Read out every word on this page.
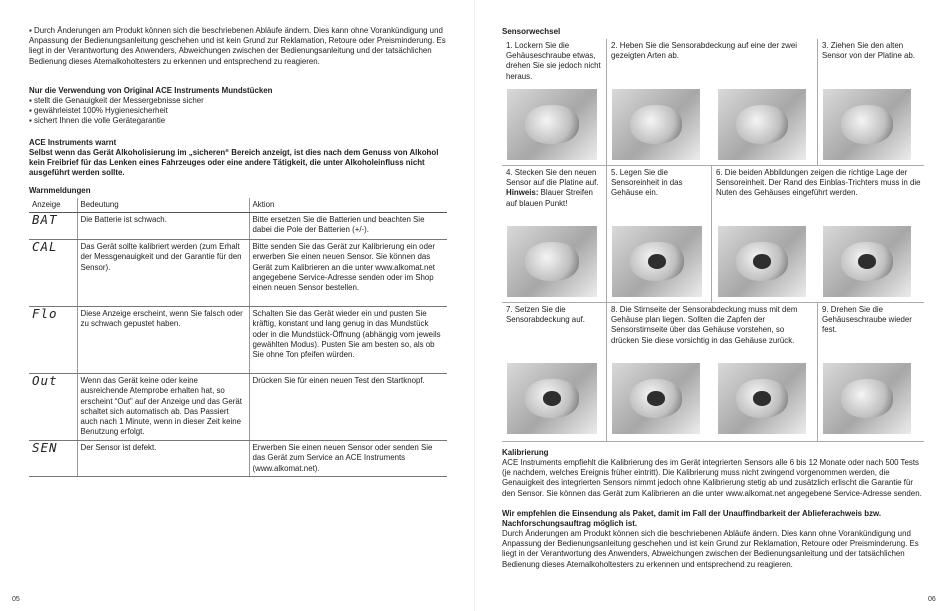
▪ Durch Änderungen am Produkt können sich die beschriebenen Abläufe ändern. Dies kann ohne Vorankündigung und Anpassung der Bedienungsanleitung geschehen und ist kein Grund zur Reklamation, Retoure oder Preisminderung. Es liegt in der Verantwortung des Anwenders, Abweichungen zwischen der Bedienungsanleitung und der tatsächlichen Bedienung dieses Atemalkoholtesters zu erkennen und entsprechend zu reagieren.

Nur die Verwendung von Original ACE Instruments Mundstücken

▪ stellt die Genauigkeit der Messergebnisse sicher
▪ gewährleistet 100% Hygienesicherheit
▪ sichert Ihnen die volle Gerätegarantie

ACE Instruments warnt

Selbst wenn das Gerät Alkoholisierung im „sicheren“ Bereich anzeigt, ist dies nach dem Genuss von Alkohol kein Freibrief für das Lenken eines Fahrzeuges oder eine andere Tätigkeit, die unter Alkoholeinfluss nicht ausgeführt werden sollte.

Warnmeldungen

Anzeige	Bedeutung	Aktion
BAT	Die Batterie ist schwach.	Bitte ersetzen Sie die Batterien und beachten Sie dabei die Pole der Batterien (+/-).
CAL	Das Gerät sollte kalibriert werden (zum Erhalt der Messgenauigkeit und der Garantie für den Sensor).	Bitte senden Sie das Gerät zur Kalibrierung ein oder erwerben Sie einen neuen Sensor. Sie können das Gerät zum Kalibrieren an die unter www.alkomat.net angegebene Service-Adresse senden oder im Shop einen neuen Sensor bestellen.
Flo	Diese Anzeige erscheint, wenn Sie falsch oder zu schwach gepustet haben.	Schalten Sie das Gerät wieder ein und pusten Sie kräftig, konstant und lang genug in das Mundstück oder in die Mundstück-Öffnung (abhängig vom jeweils gewählten Modus). Pusten Sie am besten so, als ob Sie ohne Ton pfeifen würden.
Out	Wenn das Gerät keine oder keine ausreichende Atemprobe erhalten hat, so erscheint “Out” auf der Anzeige und das Gerät schaltet sich automatisch ab. Das Passiert auch nach 1 Minute, wenn in dieser Zeit keine Benutzung erfolgt.	Drücken Sie für einen neuen Test den Startknopf.
SEN	Der Sensor ist defekt.	Erwerben Sie einen neuen Sensor oder senden Sie das Gerät zum Service an ACE Instruments (www.alkomat.net).
05

Sensorwechsel

1. Lockern Sie die Gehäuseschraube etwas, drehen Sie sie jedoch nicht heraus.

2. Heben Sie die Sensorabdeckung auf eine der zwei gezeigten Arten ab.

3. Ziehen Sie den alten Sensor von der Platine ab.

4. Stecken Sie den neuen Sensor auf die Platine auf.

Hinweis: Blauer Streifen auf blauen Punkt!

5. Legen Sie die Sensoreinheit in das Gehäuse ein.

6. Die beiden Abbildungen zeigen die richtige Lage der Sensoreinheit. Der Rand des Einblas-Trichters muss in die Nuten des Gehäuses eingeführt werden.

7. Setzen Sie die Sensorabdeckung auf.

8. Die Stirnseite der Sensorabdeckung muss mit dem Gehäuse plan liegen. Sollten die Zapfen der Sensorstirnseite über das Gehäuse vorstehen, so drücken Sie diese vorsichtig in das Gehäuse zurück.

9. Drehen Sie die Gehäuseschraube wieder fest.

Kalibrierung

ACE Instruments empfiehlt die Kalibrierung des im Gerät integrierten Sensors alle 6 bis 12 Monate oder nach 500 Tests (je nachdem, welches Ereignis früher eintritt). Die Kalibrierung muss nicht zwingend vorgenommen werden, die Genauigkeit des integrierten Sensors nimmt jedoch ohne Kalibrierung stetig ab und zusätzlich erlischt die Garantie für den Sensor. Sie können das Gerät zum Kalibrieren an die unter www.alkomat.net angegebene Service-Adresse senden.

Wir empfehlen die Einsendung als Paket, damit im Fall der Unauffindbarkeit der Ablieferachweis bzw. Nachforschungsauftrag möglich ist.

Durch Änderungen am Produkt können sich die beschriebenen Abläufe ändern. Dies kann ohne Vorankündigung und Anpassung der Bedienungsanleitung geschehen und ist kein Grund zur Reklamation, Retoure oder Preisminderung. Es liegt in der Verantwortung des Anwenders, Abweichungen zwischen der Bedienungsanleitung und der tatsächlichen Bedienung dieses Atemalkoholtesters zu erkennen und entsprechend zu reagieren.

06
